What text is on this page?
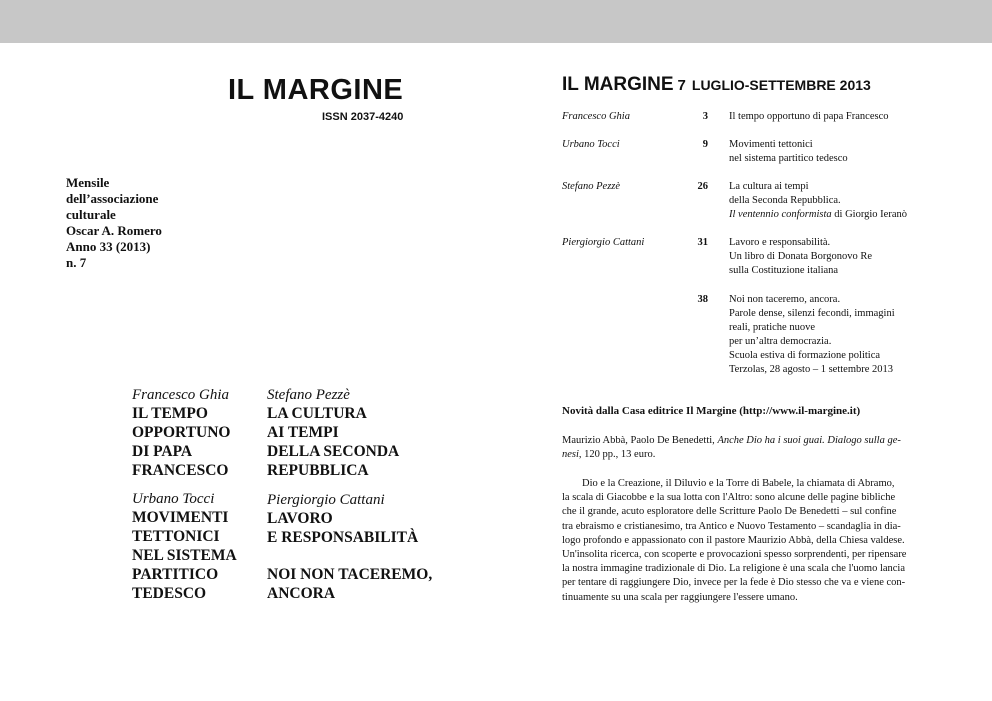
IL MARGINE
ISSN 2037-4240
Mensile
dell’associazione
culturale
Oscar A. Romero
Anno 33 (2013)
n. 7
Francesco Ghia
IL TEMPO
OPPORTUNO
DI PAPA
FRANCESCO
Urbano Tocci
MOVIMENTI
TETTONICI
NEL SISTEMA
PARTITICO
TEDESCO
Stefano Pezzè
LA CULTURA
AI TEMPI
DELLA SECONDA
REPUBBLICA
Piergiorgio Cattani
LAVORO
E RESPONSABILITÀ
NOI NON TACEREMO,
ANCORA
IL MARGINE 7 LUGLIO-SETTEMBRE 2013
Francesco Ghia	3 Il tempo opportuno di papa Francesco
Urbano Tocci	9 Movimenti tettonici
nel sistema partitico tedesco
Stefano Pezzè	26 La cultura ai tempi
della Seconda Repubblica.
Il ventennio conformista di Giorgio Ieranò
Piergiorgio Cattani	31 Lavoro e responsabilità.
Un libro di Donata Borgonovo Re
sulla Costituzione italiana
38 Noi non taceremo, ancora.
Parole dense, silenzi fecondi, immagini
reali, pratiche nuove
per un’altra democrazia.
Scuola estiva di formazione politica
Terzolas, 28 agosto – 1 settembre 2013
Novità dalla Casa editrice Il Margine (http://www.il-margine.it)
Maurizio Abbà, Paolo De Benedetti, Anche Dio ha i suoi guai. Dialogo sulla ge-
nesi, 120 pp., 13 euro.
Dio e la Creazione, il Diluvio e la Torre di Babele, la chiamata di Abramo,
la scala di Giacobbe e la sua lotta con l'Altro: sono alcune delle pagine bibliche
che il grande, acuto esploratore delle Scritture Paolo De Benedetti – sul confine
tra ebraismo e cristianesimo, tra Antico e Nuovo Testamento – scandaglia in dia-
logo profondo e appassionato con il pastore Maurizio Abbà, della Chiesa valdese.
Un'insolita ricerca, con scoperte e provocazioni spesso sorprendenti, per ripensare
la nostra immagine tradizionale di Dio. La religione è una scala che l'uomo lancia
per tentare di raggiungere Dio, invece per la fede è Dio stesso che va e viene con-
tinuamente su una scala per raggiungere l'essere umano.
